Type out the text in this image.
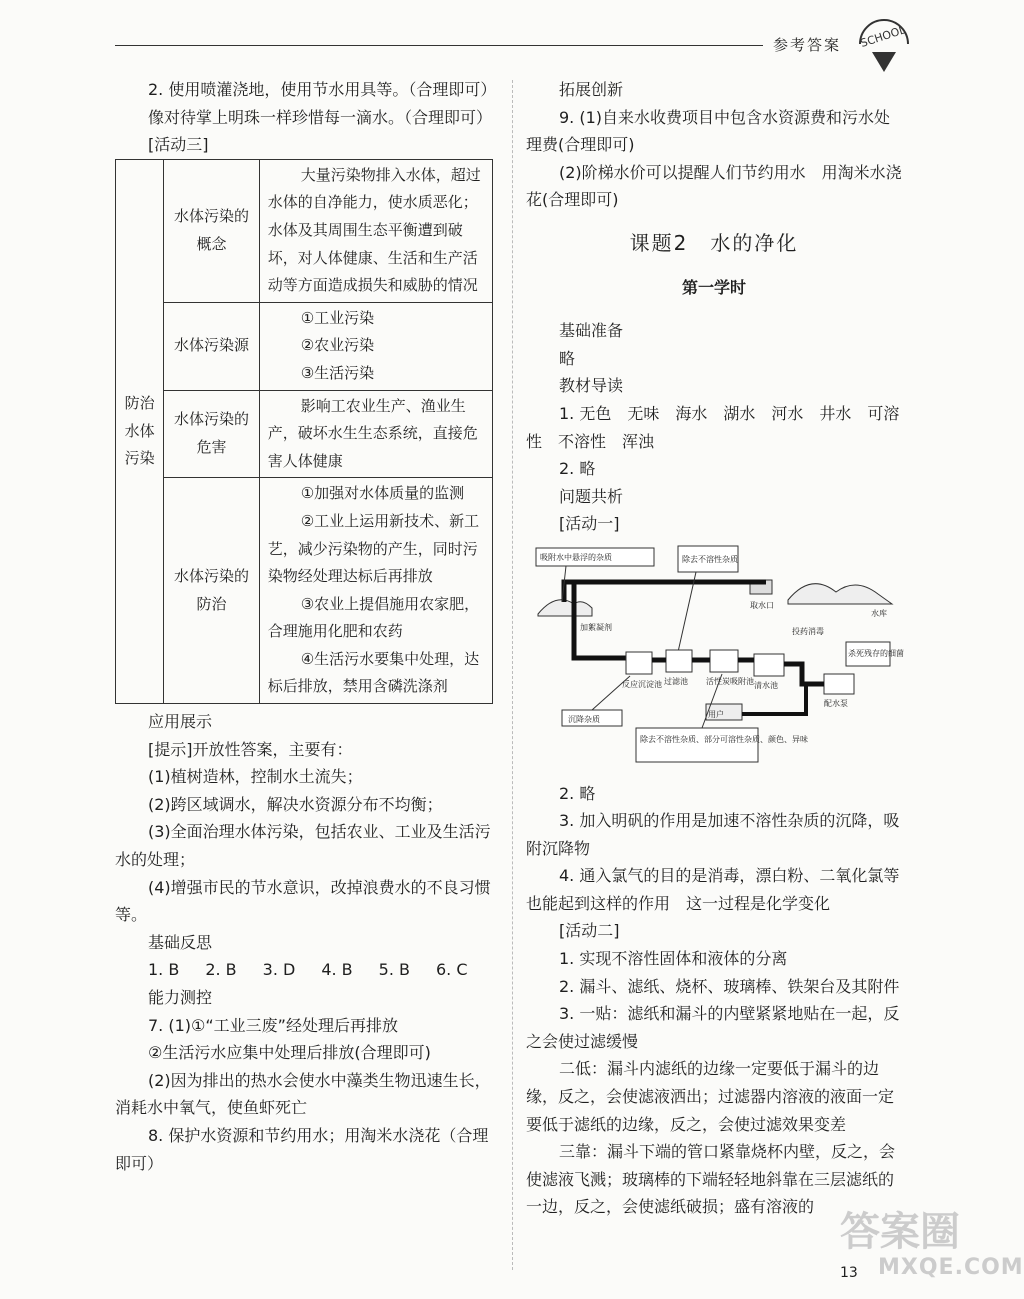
参考答案 SCHOOL

2. 使用喷灌浇地，使用节水用具等。（合理即可）

像对待掌上明珠一样珍惜每一滴水。（合理即可）

[活动三]

防治水体污染	水体污染的概念	大量污染物排入水体，超过水体的自净能力，使水质恶化；水体及其周围生态平衡遭到破坏，对人体健康、生活和生产活动等方面造成损失和威胁的情况

	水体污染源	①工业污染

②农业污染

③生活污染

	水体污染的危害	影响工农业生产、渔业生产，破坏水生生态系统，直接危害人体健康

	水体污染的防治	①加强对水体质量的监测

②工业上运用新技术、新工艺，减少污染物的产生，同时污染物经处理达标后再排放

③农业上提倡施用农家肥，合理施用化肥和农药

④生活污水要集中处理，达标后排放，禁用含磷洗涤剂

应用展示

[提示]开放性答案，主要有：

(1)植树造林，控制水土流失；

(2)跨区域调水，解决水资源分布不均衡；

(3)全面治理水体污染，包括农业、工业及生活污水的处理；

(4)增强市民的节水意识，改掉浪费水的不良习惯等。

基础反思

1. B 2. B 3. D 4. B 5. B 6. C

能力测控

7. (1)①“工业三废”经处理后再排放

②生活污水应集中处理后排放(合理即可)

(2)因为排出的热水会使水中藻类生物迅速生长，消耗水中氧气，使鱼虾死亡

8. 保护水资源和节约用水；用淘米水浇花（合理即可）

拓展创新

9. (1)自来水收费项目中包含水资源费和污水处理费(合理即可)

(2)阶梯水价可以提醒人们节约用水　用淘米水浇花(合理即可)

课题2　水的净化
第一学时

基础准备

略

教材导读

1. 无色　无味　海水　湖水　河水　井水　可溶性　不溶性　浑浊

2. 略

问题共析

[活动一]

吸附水中悬浮的杂质	除去不溶性杂质
水库
取水口
加絮凝剂
反应沉淀池 过滤池 活性炭吸附池 清水池
配水泵
投药消毒
杀死残存的细菌
沉降杂质
用户
除去不溶性杂质、部分可溶性杂质、颜色、异味

2. 略

3. 加入明矾的作用是加速不溶性杂质的沉降，吸附沉降物

4. 通入氯气的目的是消毒，漂白粉、二氧化氯等也能起到这样的作用　这一过程是化学变化

[活动二]

1. 实现不溶性固体和液体的分离

2. 漏斗、滤纸、烧杯、玻璃棒、铁架台及其附件

3. 一贴：滤纸和漏斗的内壁紧紧地贴在一起，反之会使过滤缓慢

二低：漏斗内滤纸的边缘一定要低于漏斗的边缘，反之，会使滤液洒出；过滤器内溶液的液面一定要低于滤纸的边缘，反之，会使过滤效果变差

三靠：漏斗下端的管口紧靠烧杯内壁，反之，会使滤液飞溅；玻璃棒的下端轻轻地斜靠在三层滤纸的一边，反之，会使滤纸破损；盛有溶液的

答案圈
MXQE.COM
13
